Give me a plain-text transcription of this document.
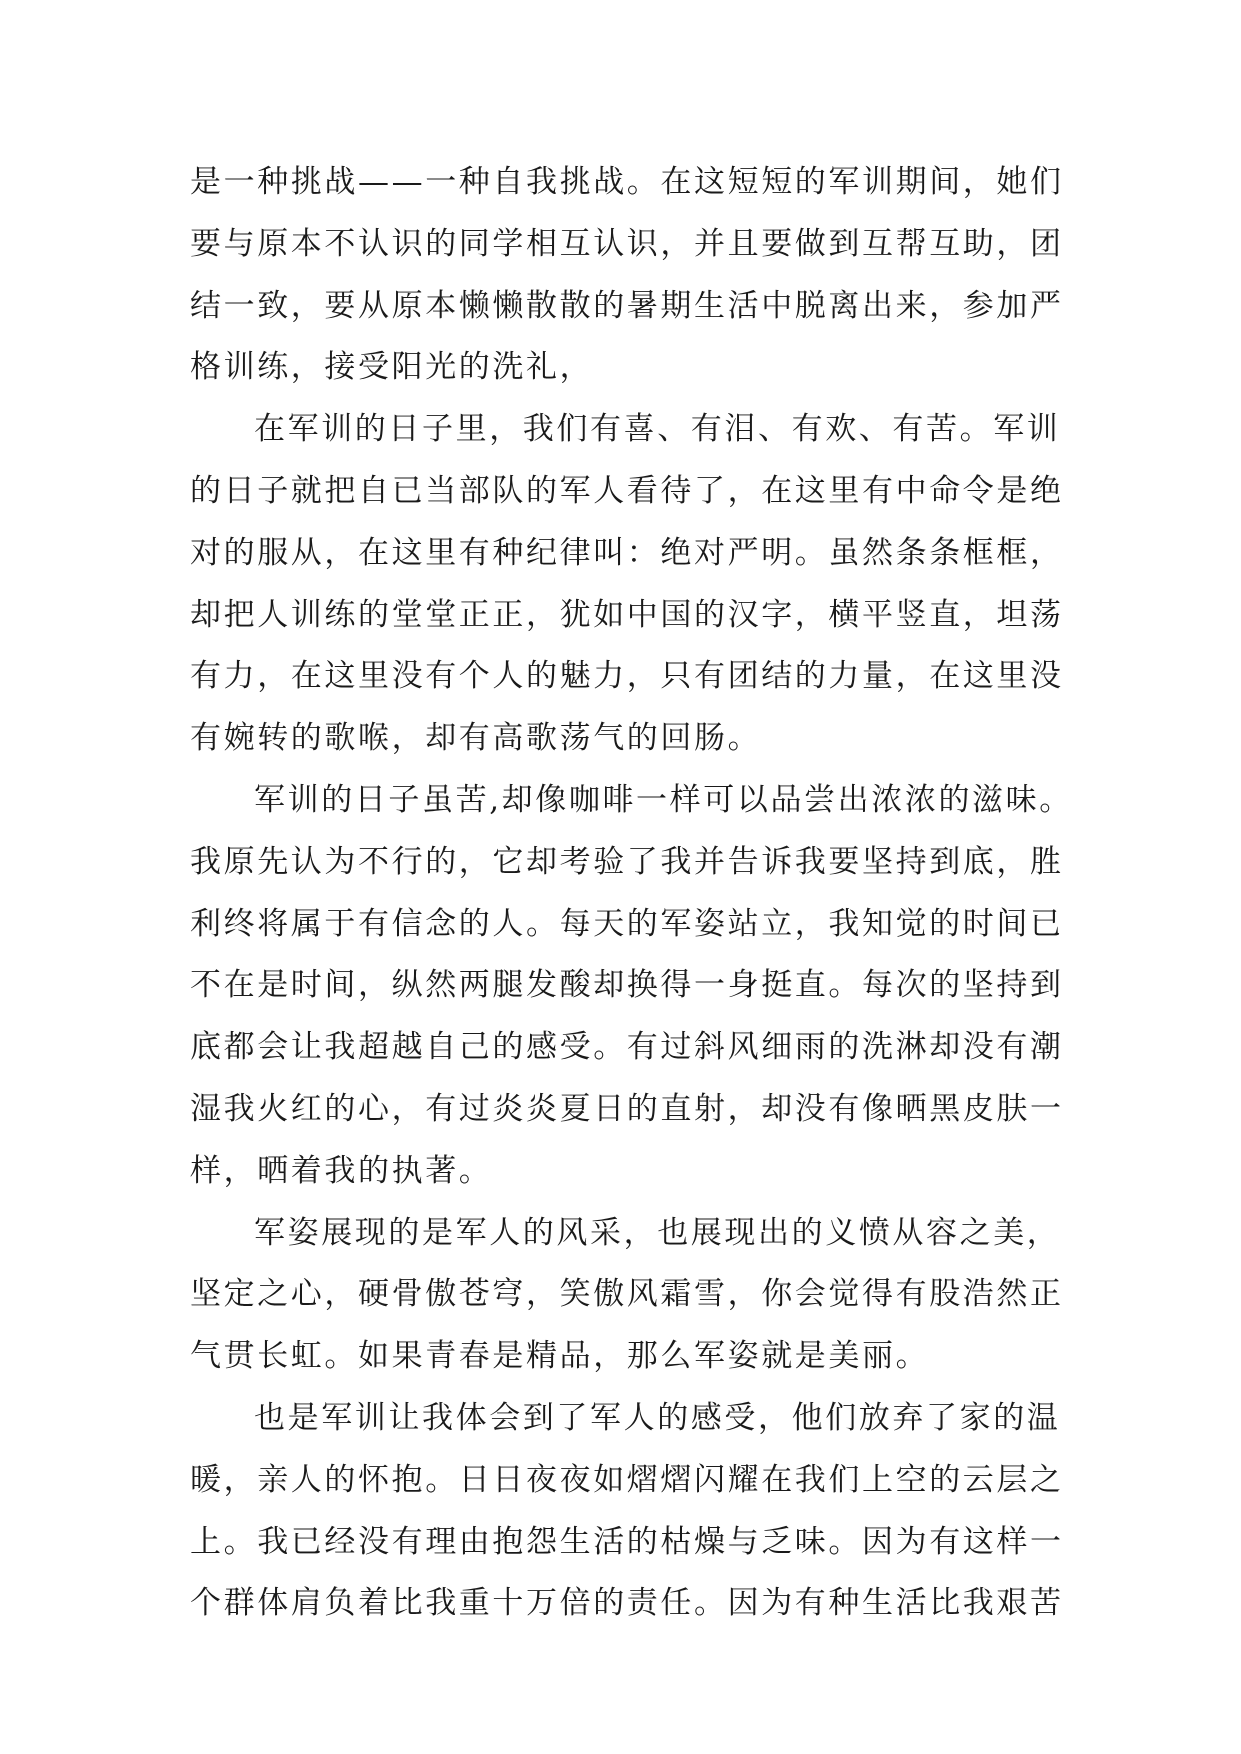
是一种挑战——一种自我挑战。在这短短的军训期间，她们
要与原本不认识的同学相互认识，并且要做到互帮互助，团
结一致，要从原本懒懒散散的暑期生活中脱离出来，参加严
格训练，接受阳光的洗礼，
在军训的日子里，我们有喜、有泪、有欢、有苦。军训
的日子就把自已当部队的军人看待了，在这里有中命令是绝
对的服从，在这里有种纪律叫：绝对严明。虽然条条框框，
却把人训练的堂堂正正，犹如中国的汉字，横平竖直，坦荡
有力，在这里没有个人的魅力，只有团结的力量，在这里没
有婉转的歌喉，却有高歌荡气的回肠。
军训的日子虽苦,却像咖啡一样可以品尝出浓浓的滋味。
我原先认为不行的，它却考验了我并告诉我要坚持到底，胜
利终将属于有信念的人。每天的军姿站立，我知觉的时间已
不在是时间，纵然两腿发酸却换得一身挺直。每次的坚持到
底都会让我超越自己的感受。有过斜风细雨的洗淋却没有潮
湿我火红的心，有过炎炎夏日的直射，却没有像晒黑皮肤一
样，晒着我的执著。
军姿展现的是军人的风采，也展现出的义愤从容之美，
坚定之心，硬骨傲苍穹，笑傲风霜雪，你会觉得有股浩然正
气贯长虹。如果青春是精品，那么军姿就是美丽。
也是军训让我体会到了军人的感受，他们放弃了家的温
暖，亲人的怀抱。日日夜夜如熠熠闪耀在我们上空的云层之
上。我已经没有理由抱怨生活的枯燥与乏味。因为有这样一
个群体肩负着比我重十万倍的责任。因为有种生活比我艰苦
